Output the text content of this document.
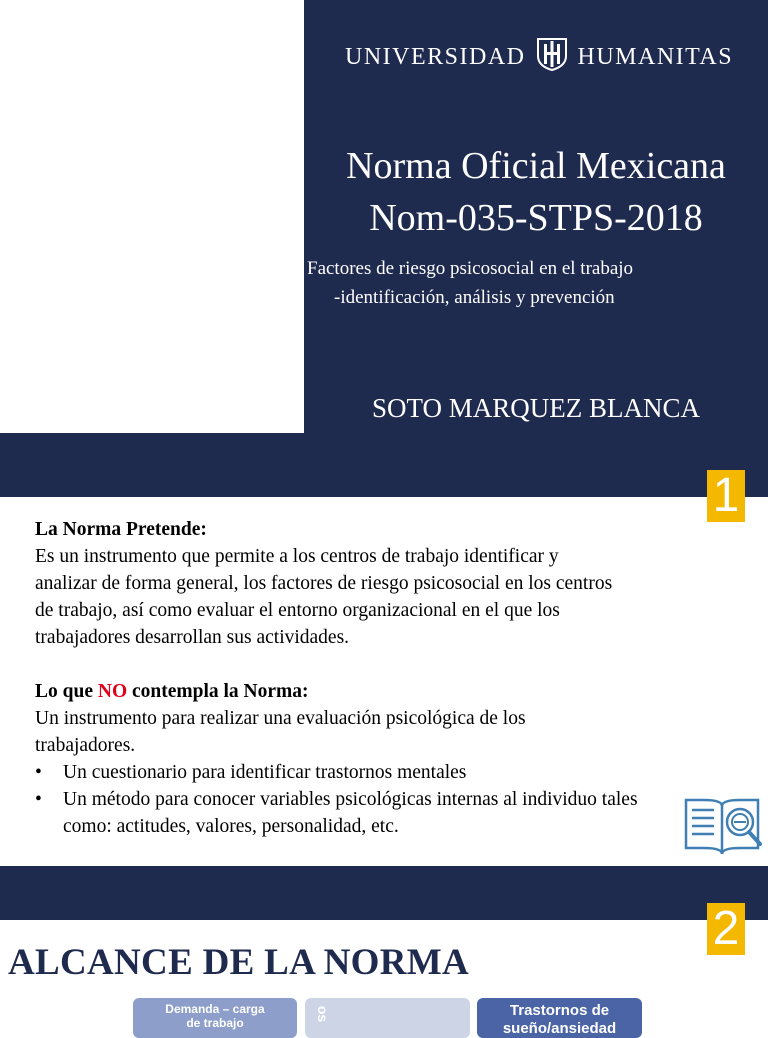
UNIVERSIDAD HUMANITAS
Norma Oficial Mexicana
Nom-035-STPS-2018
Factores de riesgo psicosocial en el trabajo
-identificación, análisis y prevención
SOTO MARQUEZ BLANCA
1
La Norma Pretende:
Es un instrumento que permite a los centros de trabajo identificar y
analizar de forma general, los factores de riesgo psicosocial en los centros
de trabajo, así como evaluar el entorno organizacional en el que los
trabajadores desarrollan sus actividades.
Lo que NO contempla la Norma:
Un instrumento para realizar una evaluación psicológica de los
trabajadores.
• Un cuestionario para identificar trastornos mentales
• Un método para conocer variables psicológicas internas al individuo tales como: actitudes, valores, personalidad, etc.
2
ALCANCE DE LA NORMA
Demanda – carga
de trabajo
os	Trastornos de
sueño/ansiedad
